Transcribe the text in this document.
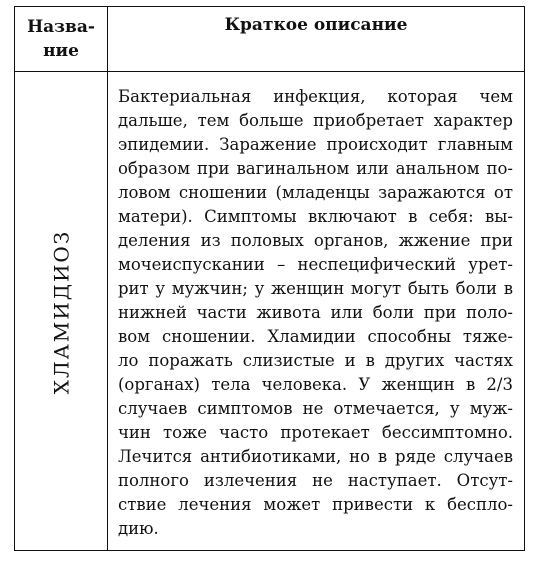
Назва-
ние
Краткое описание
ХЛАМИДИОЗ
Бактериальная инфекция, которая чем
дальше, тем больше приобретает характер
эпидемии. Заражение происходит главным
образом при вагинальном или анальном по-
ловом сношении (младенцы заражаются от
матери). Симптомы включают в себя: вы-
деления из половых органов, жжение при
мочеиспускании – неспецифический урет-
рит у мужчин; у женщин могут быть боли в
нижней части живота или боли при поло-
вом сношении. Хламидии способны тяже-
ло поражать слизистые и в других частях
(органах) тела человека. У женщин в 2/3
случаев симптомов не отмечается, у муж-
чин тоже часто протекает бессимптомно.
Лечится антибиотиками, но в ряде случаев
полного излечения не наступает. Отсут-
ствие лечения может привести к бесплo-
дию.
